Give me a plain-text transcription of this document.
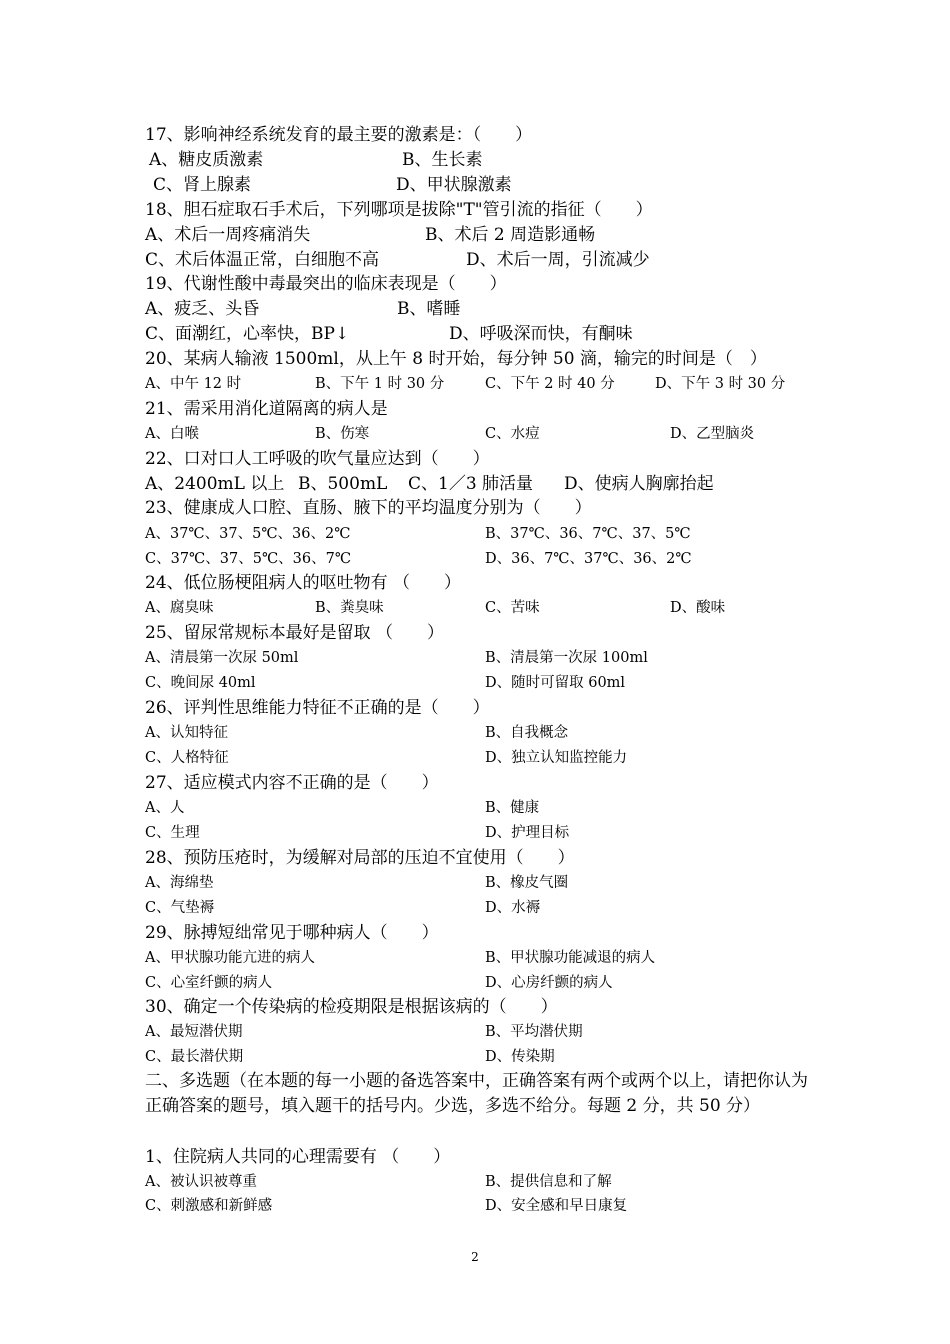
17、影响神经系统发育的最主要的激素是：（　　）

A、糖皮质激素

	B、生长素

C、肾上腺素

	D、甲状腺激素

18、胆石症取石手术后，下列哪项是拔除"T"管引流的指征（　　）

A、术后一周疼痛消失

	B、术后 2 周造影通畅

C、术后体温正常，白细胞不高

	D、术后一周，引流减少

19、代谢性酸中毒最突出的临床表现是（　　）

A、疲乏、头昏

	B、嗜睡

C、面潮红，心率快，BP↓

	D、呼吸深而快，有酮味

20、某病人输液 1500ml，从上午 8 时开始，每分钟 50 滴，输完的时间是（　）

A、中午 12 时

	B、下午 1 时 30 分

	C、下午 2 时 40 分

	D、下午 3 时 30 分

21、需采用消化道隔离的病人是

A、白喉

	B、伤寒

	C、水痘

	D、乙型脑炎

22、口对口人工呼吸的吹气量应达到（　　）

A、2400mL 以上

B、500mL

C、1／3 肺活量

D、使病人胸廓抬起

23、健康成人口腔、直肠、腋下的平均温度分别为（　　）

A、37℃、37、5℃、36、2℃

	B、37℃、36、7℃、37、5℃

C、37℃、37、5℃、36、7℃

	D、36、7℃、37℃、36、2℃

24、低位肠梗阻病人的呕吐物有 （　　）

A、腐臭味

	B、粪臭味

	C、苦味

	D、酸味

25、留尿常规标本最好是留取 （　　）

A、清晨第一次尿 50ml

	B、清晨第一次尿 100ml

C、晚间尿 40ml

	D、随时可留取 60ml

26、评判性思维能力特征不正确的是（　　）

A、认知特征

	B、自我概念

C、人格特征

	D、独立认知监控能力

27、适应模式内容不正确的是（　　）

A、人

	B、健康

C、生理

	D、护理目标

28、预防压疮时，为缓解对局部的压迫不宜使用（　　）

A、海绵垫

	B、橡皮气圈

C、气垫褥

	D、水褥

29、脉搏短绌常见于哪种病人（　　）

A、甲状腺功能亢进的病人

	B、甲状腺功能减退的病人

C、心室纤颤的病人

	D、心房纤颤的病人

30、确定一个传染病的检疫期限是根据该病的（　　）

A、最短潜伏期

	B、平均潜伏期

C、最长潜伏期

	D、传染期

二、多选题（在本题的每一小题的备选答案中，正确答案有两个或两个以上，请把你认为正确答案的题号，填入题干的括号内。少选，多选不给分。每题 2 分，共 50 分）
1、住院病人共同的心理需要有 （　　）

A、被认识被尊重

	B、提供信息和了解

C、刺激感和新鲜感

	D、安全感和早日康复

2
